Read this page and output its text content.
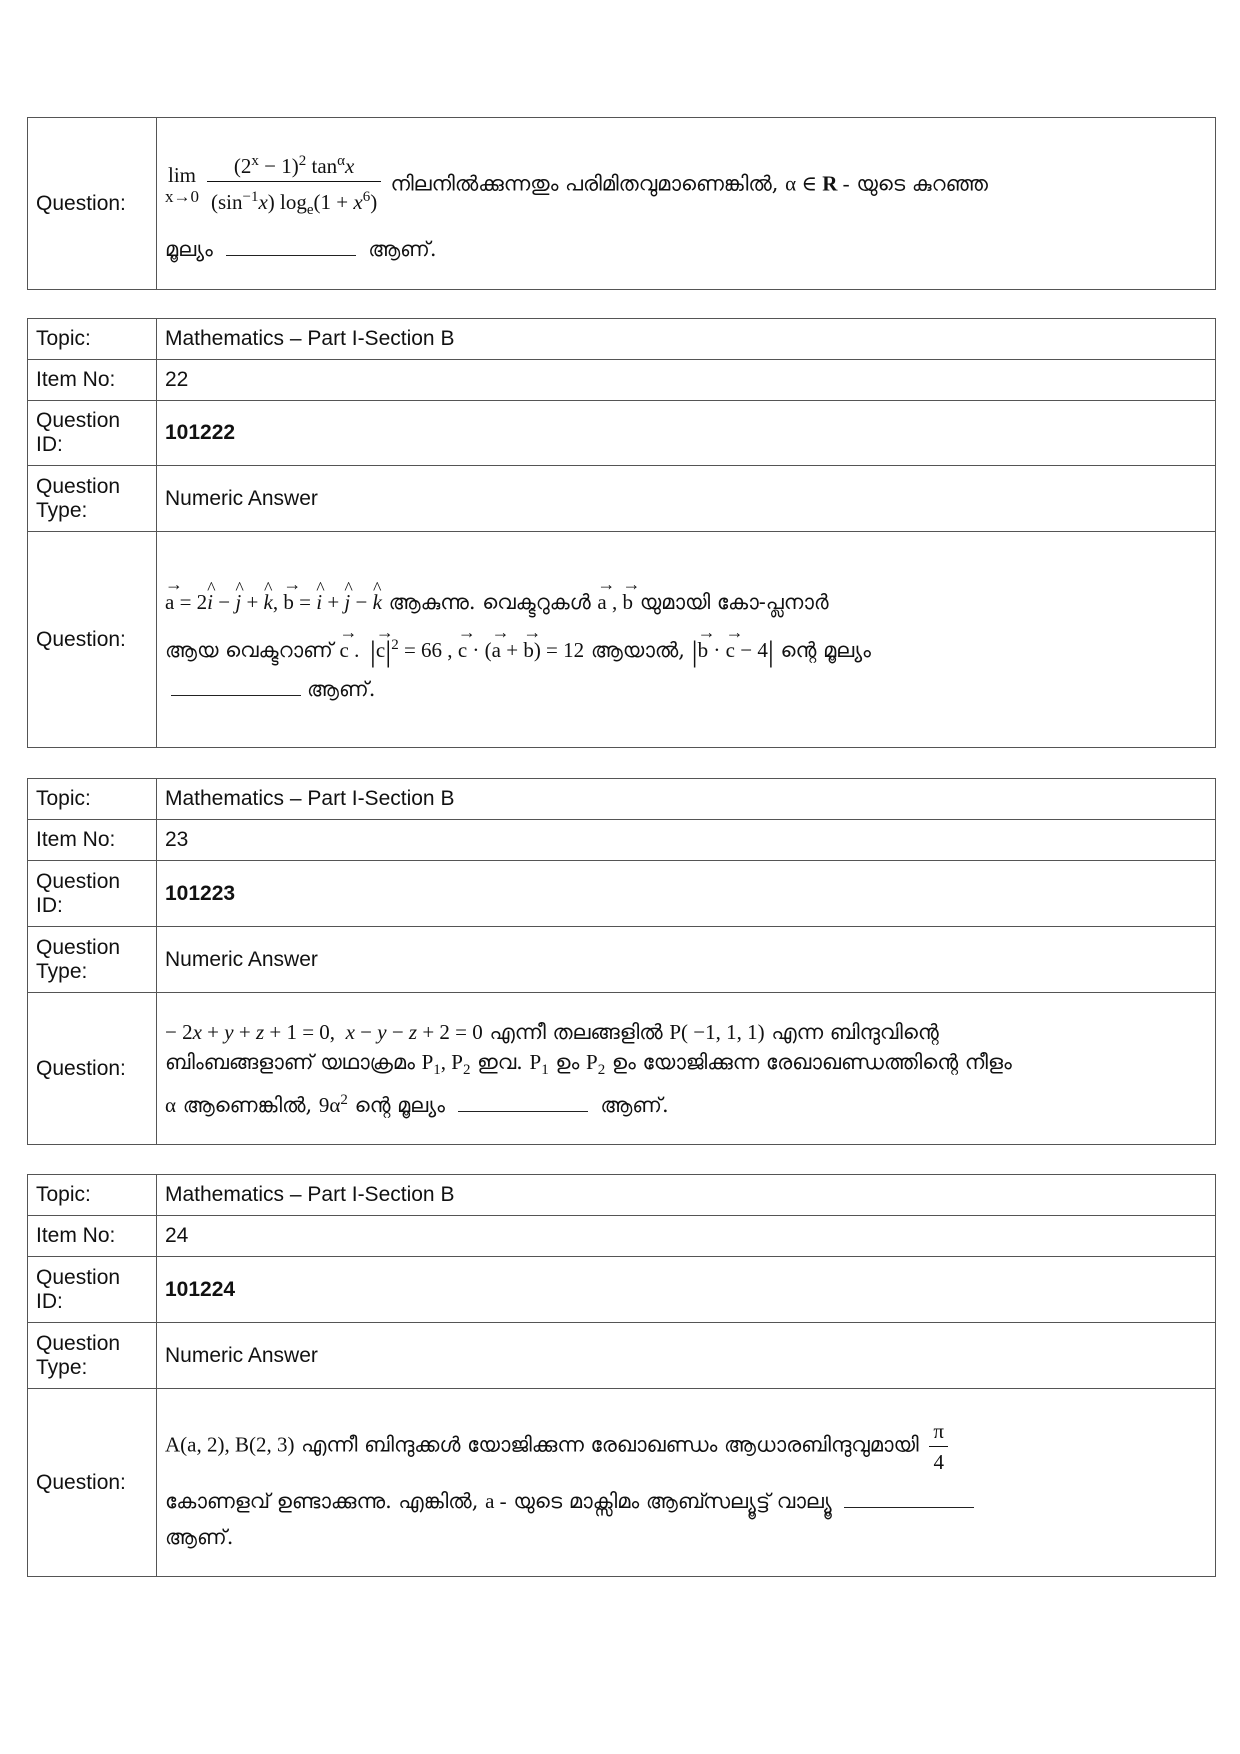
Question:	
lim
$x\to 0 \frac{(2^x - 1)^2 \tan^\alpha x}{(\sin^{-1}x) \log_e(1 + x^6)}$ നിലനിൽക്കുന്നതും പരിമിതവുമാണെങ്കിൽ, α ∈ R - യുടെ കുറഞ്ഞ
മൂല്യം	ആണ്.
Topic:	Mathematics – Part I-Section B
Item No:	22
Question ID:	101222
Question Type:	Numeric Answer
Question:	→ a = 2^ i − ^ j + ^ k, → b = ^ i + ^ j − ^ k ആകുന്നു. വെക്ടറുകൾ → a , → b യുമായി കോ-പ്ലനാർ
ആയ വെക്ടറാണ് → c .  |→ $c|^2 = 66$ , → c · (→ a + → b) = 12 ആയാൽ, |→ b · → c − 4| ന്റെ മൂല്യം
ആണ്.
Topic:	Mathematics – Part I-Section B
Item No:	23
Question ID:	101223
Question Type:	Numeric Answer
Question:	− 2x + y + z + 1 = 0,  x − y − z + 2 = 0 എന്നീ തലങ്ങളിൽ P( −1, 1, 1) എന്ന ബിന്ദുവിന്റെ
ബിംബങ്ങളാണ് യഥാക്രമം $P_1$, $P_2$ ഇവ. $P_1$ ഉം $P_2$ ഉം യോജിക്കുന്ന രേഖാഖണ്ഡത്തിന്റെ നീളം
α ആണെങ്കിൽ, $9\alpha^2$ ന്റെ മൂല്യം ആണ്.
Topic:	Mathematics – Part I-Section B
Item No:	24
Question ID:	101224
Question Type:	Numeric Answer
Question:	A(a, 2), B(2, 3) എന്നീ ബിന്ദുക്കൾ യോജിക്കുന്ന രേഖാഖണ്ഡം ആധാരബിന്ദുവുമായി $\frac{\pi}{4}$
കോണളവ് ഉണ്ടാക്കുന്നു. എങ്കിൽ, a - യുടെ മാക്സിമം ആബ്സല്യൂട്ട് വാല്യൂ
ആണ്.
